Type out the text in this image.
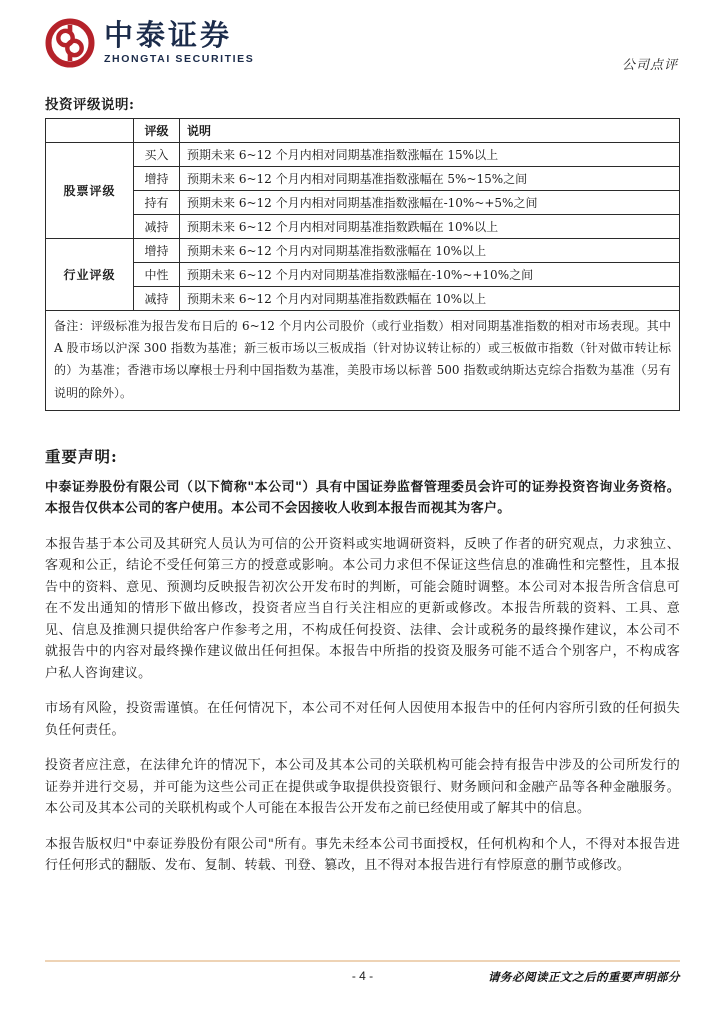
中泰证券
ZHONGTAI SECURITIES	公司点评
投资评级说明:
	评级	说明
股票评级	买入	预期未来 6~12 个月内相对同期基准指数涨幅在 15%以上
	增持	预期未来 6~12 个月内相对同期基准指数涨幅在 5%~15%之间
	持有	预期未来 6~12 个月内相对同期基准指数涨幅在-10%~+5%之间
	减持	预期未来 6~12 个月内相对同期基准指数跌幅在 10%以上
行业评级	增持	预期未来 6~12 个月内对同期基准指数涨幅在 10%以上
	中性	预期未来 6~12 个月内对同期基准指数涨幅在-10%~+10%之间
	减持	预期未来 6~12 个月内对同期基准指数跌幅在 10%以上
备注：评级标准为报告发布日后的 6~12 个月内公司股价（或行业指数）相对同期基准指数的相对市场表现。其中 A 股市场以沪深 300 指数为基准；新三板市场以三板成指（针对协议转让标的）或三板做市指数（针对做市转让标的）为基准；香港市场以摩根士丹利中国指数为基准，美股市场以标普 500 指数或纳斯达克综合指数为基准（另有说明的除外）。		
重要声明:

中泰证券股份有限公司（以下简称"本公司"）具有中国证券监督管理委员会许可的证券投资咨询业务资格。本报告仅供本公司的客户使用。本公司不会因接收人收到本报告而视其为客户。

本报告基于本公司及其研究人员认为可信的公开资料或实地调研资料，反映了作者的研究观点，力求独立、客观和公正，结论不受任何第三方的授意或影响。本公司力求但不保证这些信息的准确性和完整性，且本报告中的资料、意见、预测均反映报告初次公开发布时的判断，可能会随时调整。本公司对本报告所含信息可在不发出通知的情形下做出修改，投资者应当自行关注相应的更新或修改。本报告所载的资料、工具、意见、信息及推测只提供给客户作参考之用，不构成任何投资、法律、会计或税务的最终操作建议，本公司不就报告中的内容对最终操作建议做出任何担保。本报告中所指的投资及服务可能不适合个别客户，不构成客户私人咨询建议。

市场有风险，投资需谨慎。在任何情况下，本公司不对任何人因使用本报告中的任何内容所引致的任何损失负任何责任。

投资者应注意，在法律允许的情况下，本公司及其本公司的关联机构可能会持有报告中涉及的公司所发行的证券并进行交易，并可能为这些公司正在提供或争取提供投资银行、财务顾问和金融产品等各种金融服务。本公司及其本公司的关联机构或个人可能在本报告公开发布之前已经使用或了解其中的信息。

本报告版权归"中泰证券股份有限公司"所有。事先未经本公司书面授权，任何机构和个人，不得对本报告进行任何形式的翻版、发布、复制、转载、刊登、篡改，且不得对本报告进行有悖原意的删节或修改。

- 4 -	请务必阅读正文之后的重要声明部分
